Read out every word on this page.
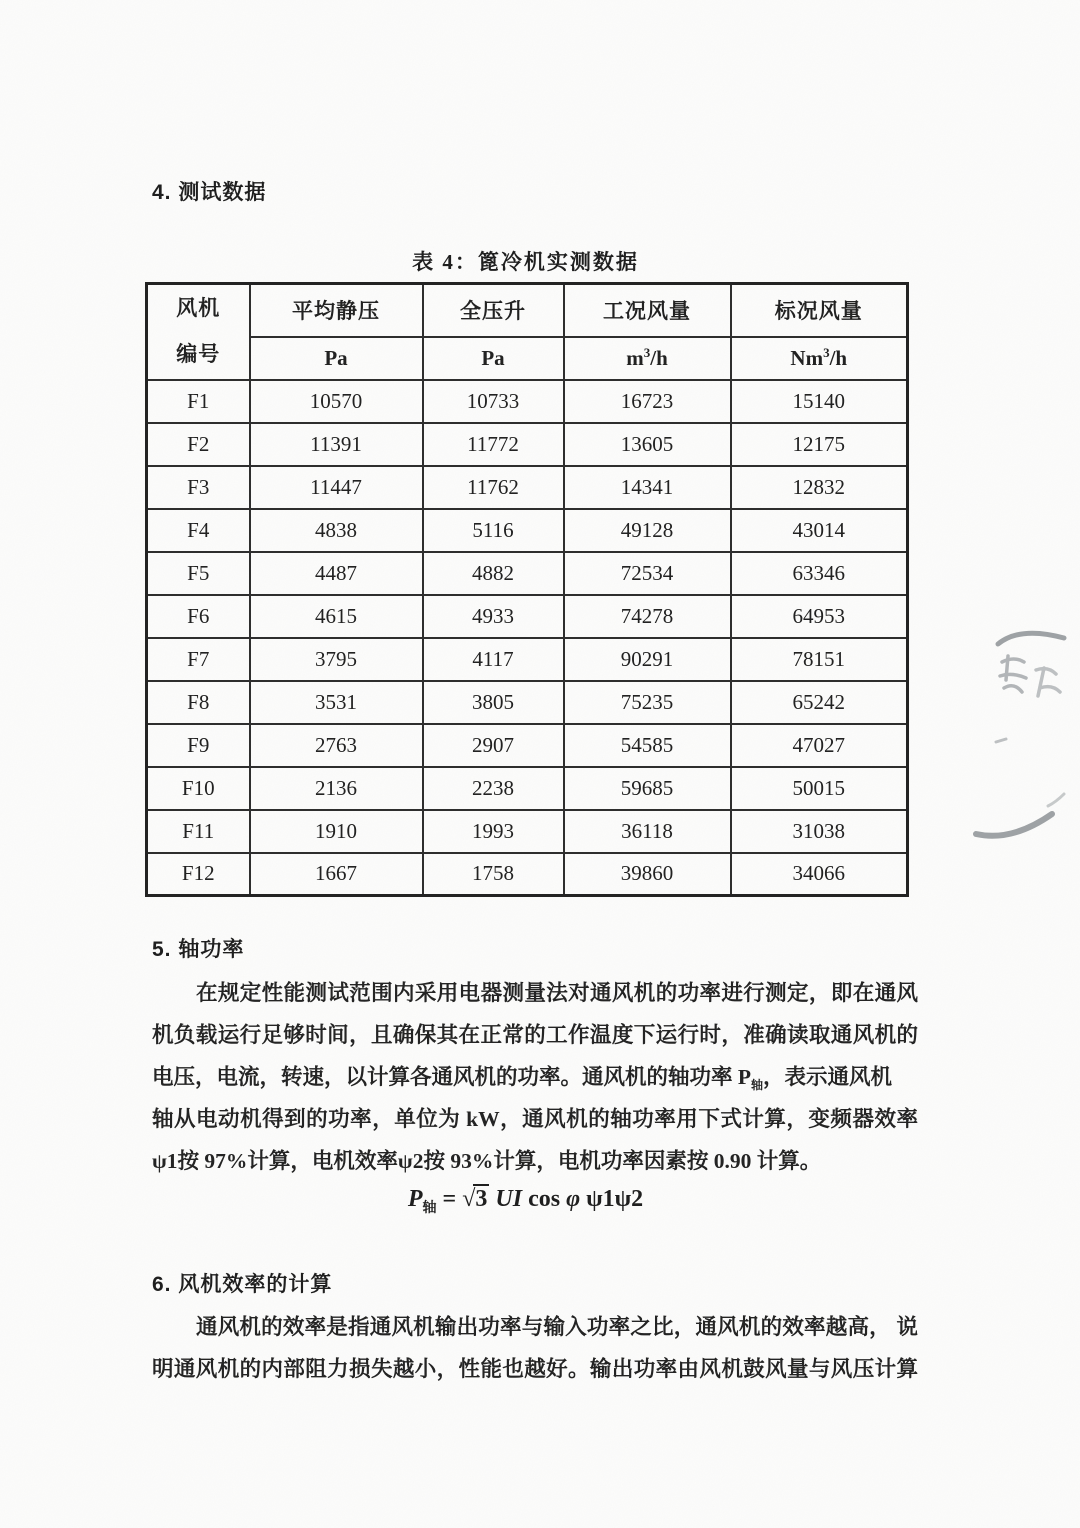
4. 测试数据
表 4：篦冷机实测数据
风机
编号	平均静压	全压升	工况风量	标况风量
	Pa	Pa	$m^3/h$	Nm$^3$/h
F1	10570	10733	16723	15140
F2	11391	11772	13605	12175
F3	11447	11762	14341	12832
F4	4838	5116	49128	43014
F5	4487	4882	72534	63346
F6	4615	4933	74278	64953
F7	3795	4117	90291	78151
F8	3531	3805	75235	65242
F9	2763	2907	54585	47027
F10	2136	2238	59685	50015
F11	1910	1993	36118	31038
F12	1667	1758	39860	34066
5. 轴功率
在规定性能测试范围内采用电器测量法对通风机的功率进行测定，即在通风
机负载运行足够时间，且确保其在正常的工作温度下运行时，准确读取通风机的
电压，电流，转速，以计算各通风机的功率。通风机的轴功率 $P_轴$，表示通风机
轴从电动机得到的功率，单位为 kW，通风机的轴功率用下式计算，变频器效率
ψ1按 97%计算，电机效率ψ2按 93%计算，电机功率因素按 0.90 计算。
$P_轴 = √3$ UI cos φ ψ1ψ2
6. 风机效率的计算
通风机的效率是指通风机输出功率与输入功率之比，通风机的效率越高， 说
明通风机的内部阻力损失越小，性能也越好。输出功率由风机鼓风量与风压计算
